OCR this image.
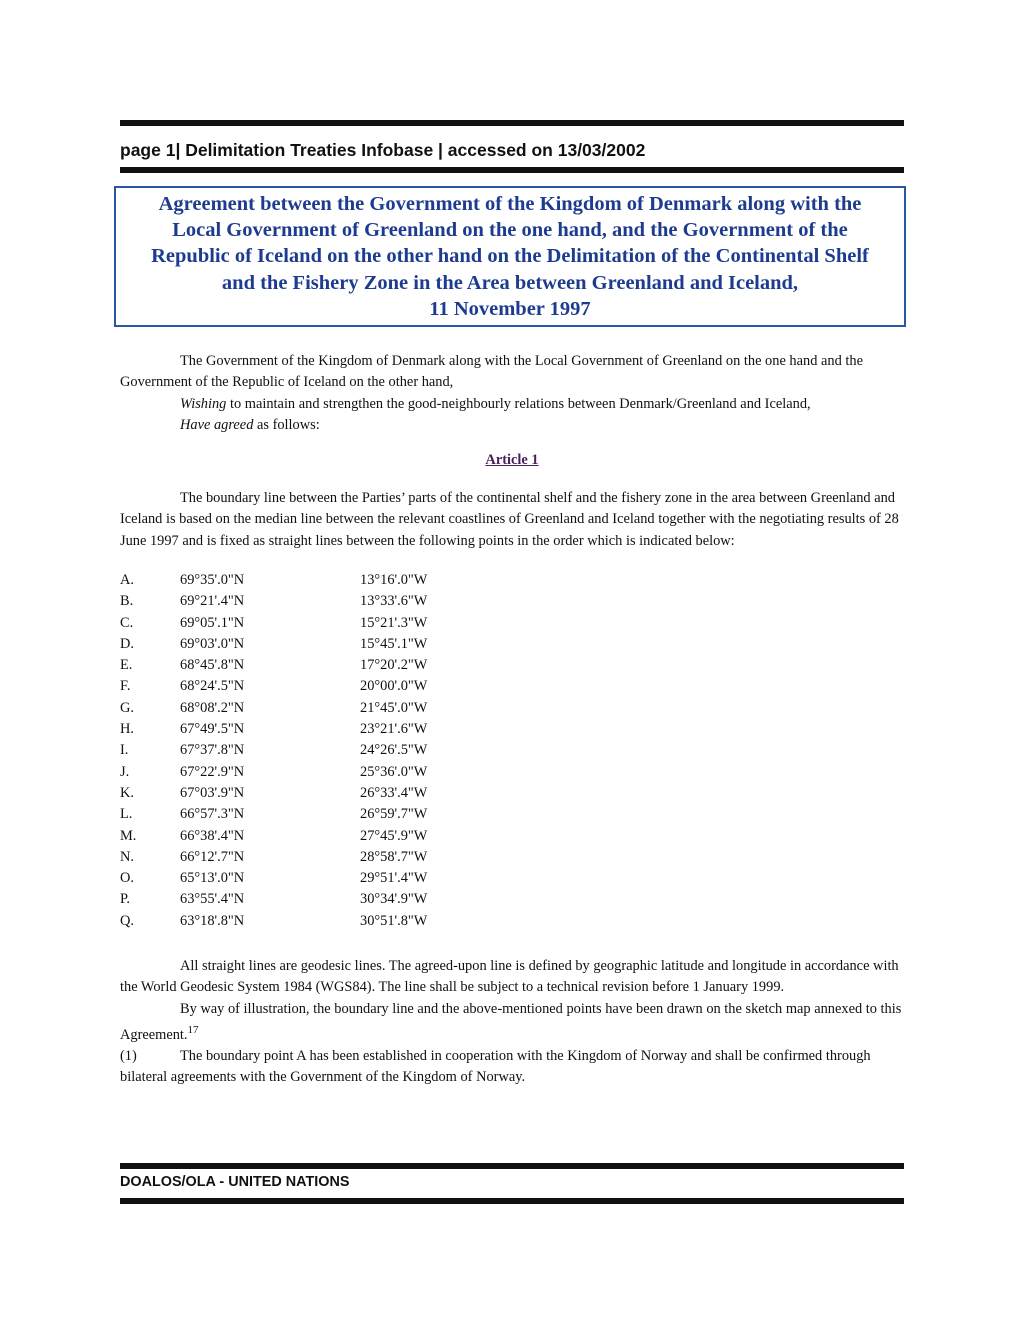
page 1| Delimitation Treaties Infobase | accessed on 13/03/2002

Agreement between the Government of the Kingdom of Denmark along with the
Local Government of Greenland on the one hand, and the Government of the
Republic of Iceland on the other hand on the Delimitation of the Continental Shelf
and the Fishery Zone in the Area between Greenland and Iceland,
11 November 1997

The Government of the Kingdom of Denmark along with the Local Government of Greenland on the one hand and the Government of the Republic of Iceland on the other hand,

Wishing to maintain and strengthen the good-neighbourly relations between Denmark/Greenland and Iceland,

Have agreed as follows:

Article 1

The boundary line between the Parties’ parts of the continental shelf and the fishery zone in the area between Greenland and Iceland is based on the median line between the relevant coastlines of Greenland and Iceland together with the negotiating results of 28 June 1997 and is fixed as straight lines between the following points in the order which is indicated below:

A.	69°35'.0"N	13°16'.0"W
B.	69°21'.4"N	13°33'.6"W
C.	69°05'.1"N	15°21'.3"W
D.	69°03'.0"N	15°45'.1"W
E.	68°45'.8"N	17°20'.2"W
F.	68°24'.5"N	20°00'.0"W
G.	68°08'.2"N	21°45'.0"W
H.	67°49'.5"N	23°21'.6"W
I.	67°37'.8"N	24°26'.5"W
J.	67°22'.9"N	25°36'.0"W
K.	67°03'.9"N	26°33'.4"W
L.	66°57'.3"N	26°59'.7"W
M.	66°38'.4"N	27°45'.9"W
N.	66°12'.7"N	28°58'.7"W
O.	65°13'.0"N	29°51'.4"W
P.	63°55'.4"N	30°34'.9"W
Q.	63°18'.8"N	30°51'.8"W

All straight lines are geodesic lines. The agreed-upon line is defined by geographic latitude and longitude in accordance with the World Geodesic System 1984 (WGS84). The line shall be subject to a technical revision before 1 January 1999.

By way of illustration, the boundary line and the above-mentioned points have been drawn on the sketch map annexed to this Agreement.$^{17}$

(1)	The boundary point A has been established in cooperation with the Kingdom of Norway and shall be confirmed through bilateral agreements with the Government of the Kingdom of Norway.

DOALOS/OLA - UNITED NATIONS
